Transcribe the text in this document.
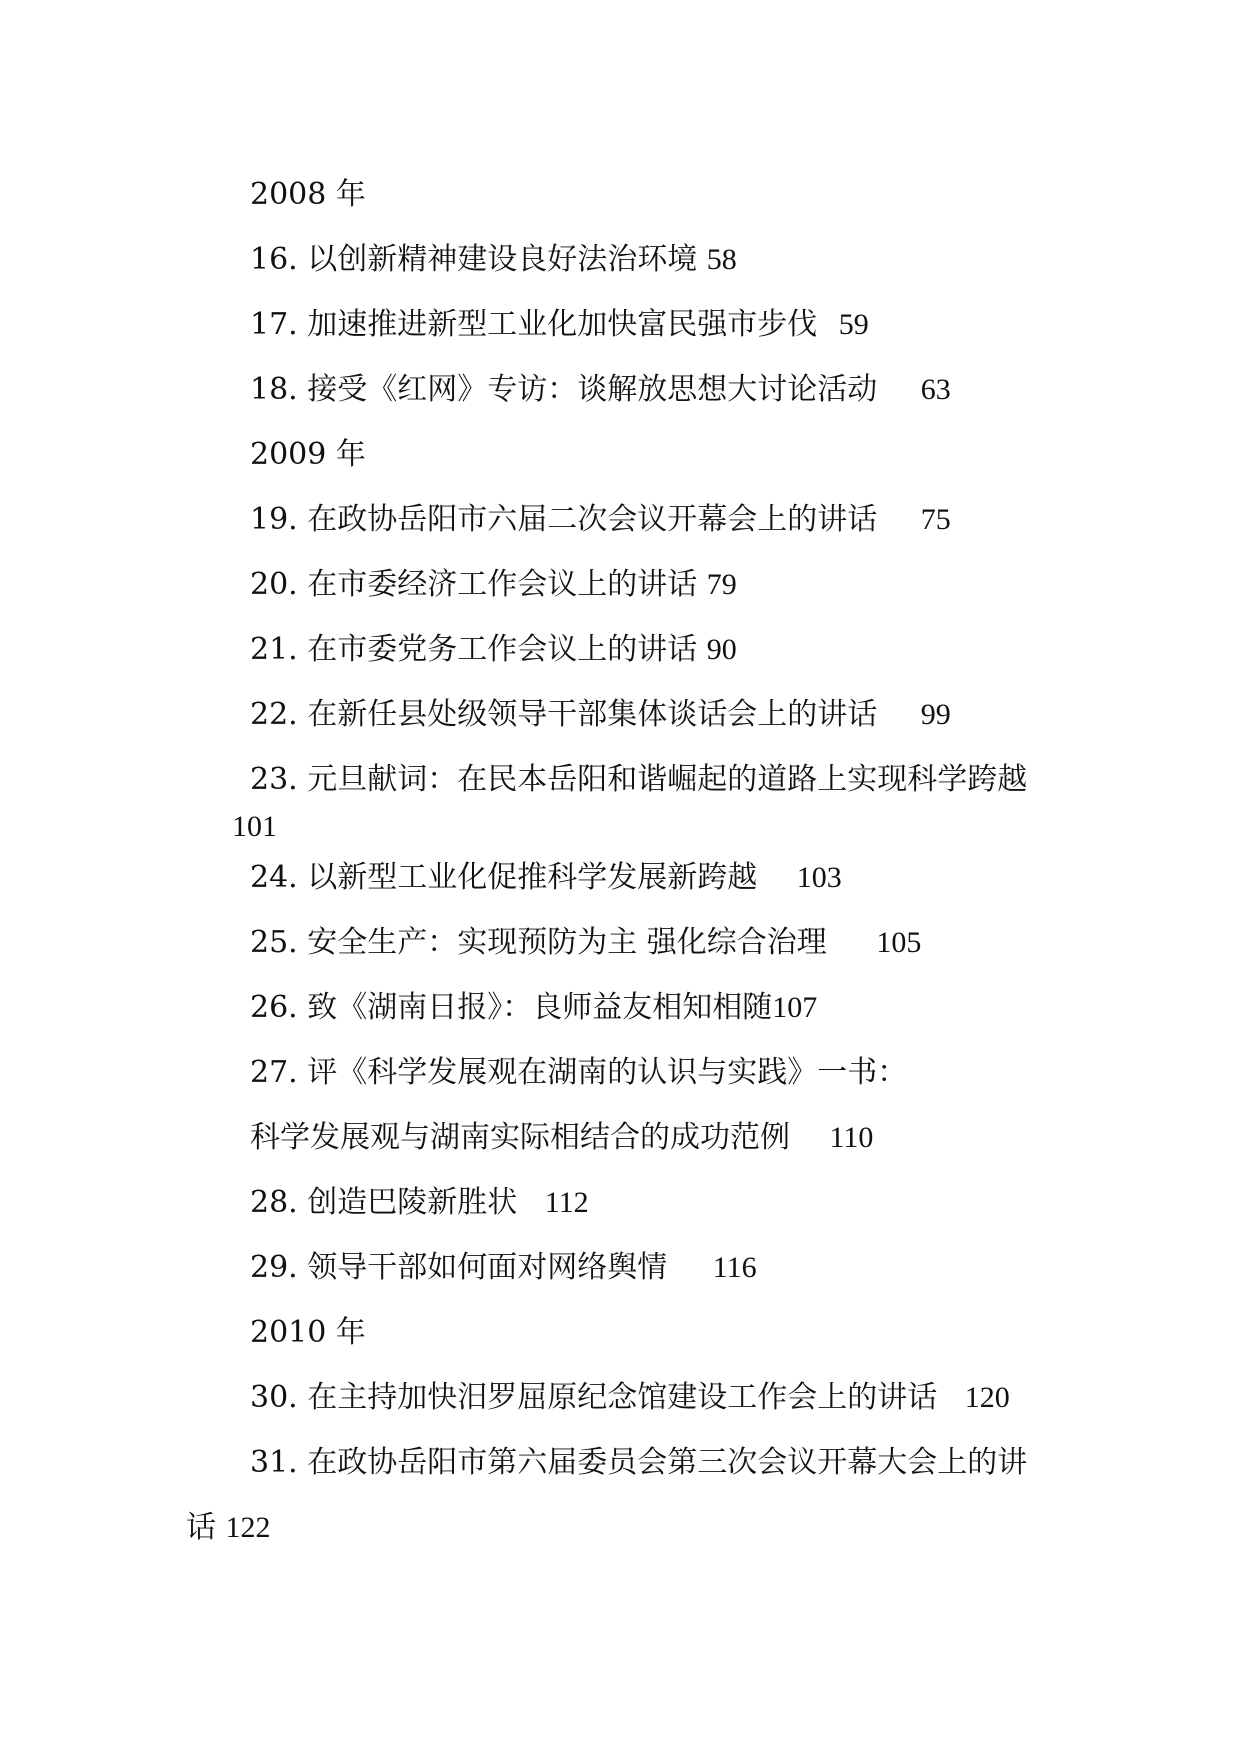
2008 年
16. 以创新精神建设良好法治环境 58
17. 加速推进新型工业化加快富民强市步伐 59
18. 接受《红网》专访：谈解放思想大讨论活动 63
2009 年
19. 在政协岳阳市六届二次会议开幕会上的讲话 75
20. 在市委经济工作会议上的讲话 79
21. 在市委党务工作会议上的讲话 90
22. 在新任县处级领导干部集体谈话会上的讲话 99
23. 元旦献词：在民本岳阳和谐崛起的道路上实现科学跨越
101
24. 以新型工业化促推科学发展新跨越 103
25. 安全生产：实现预防为主 强化综合治理 105
26. 致《湖南日报》：良师益友相知相随107
27. 评《科学发展观在湖南的认识与实践》一书：
科学发展观与湖南实际相结合的成功范例 110
28. 创造巴陵新胜状 112
29. 领导干部如何面对网络舆情 116
2010 年
30. 在主持加快汨罗屈原纪念馆建设工作会上的讲话 120
31. 在政协岳阳市第六届委员会第三次会议开幕大会上的讲
话 122
